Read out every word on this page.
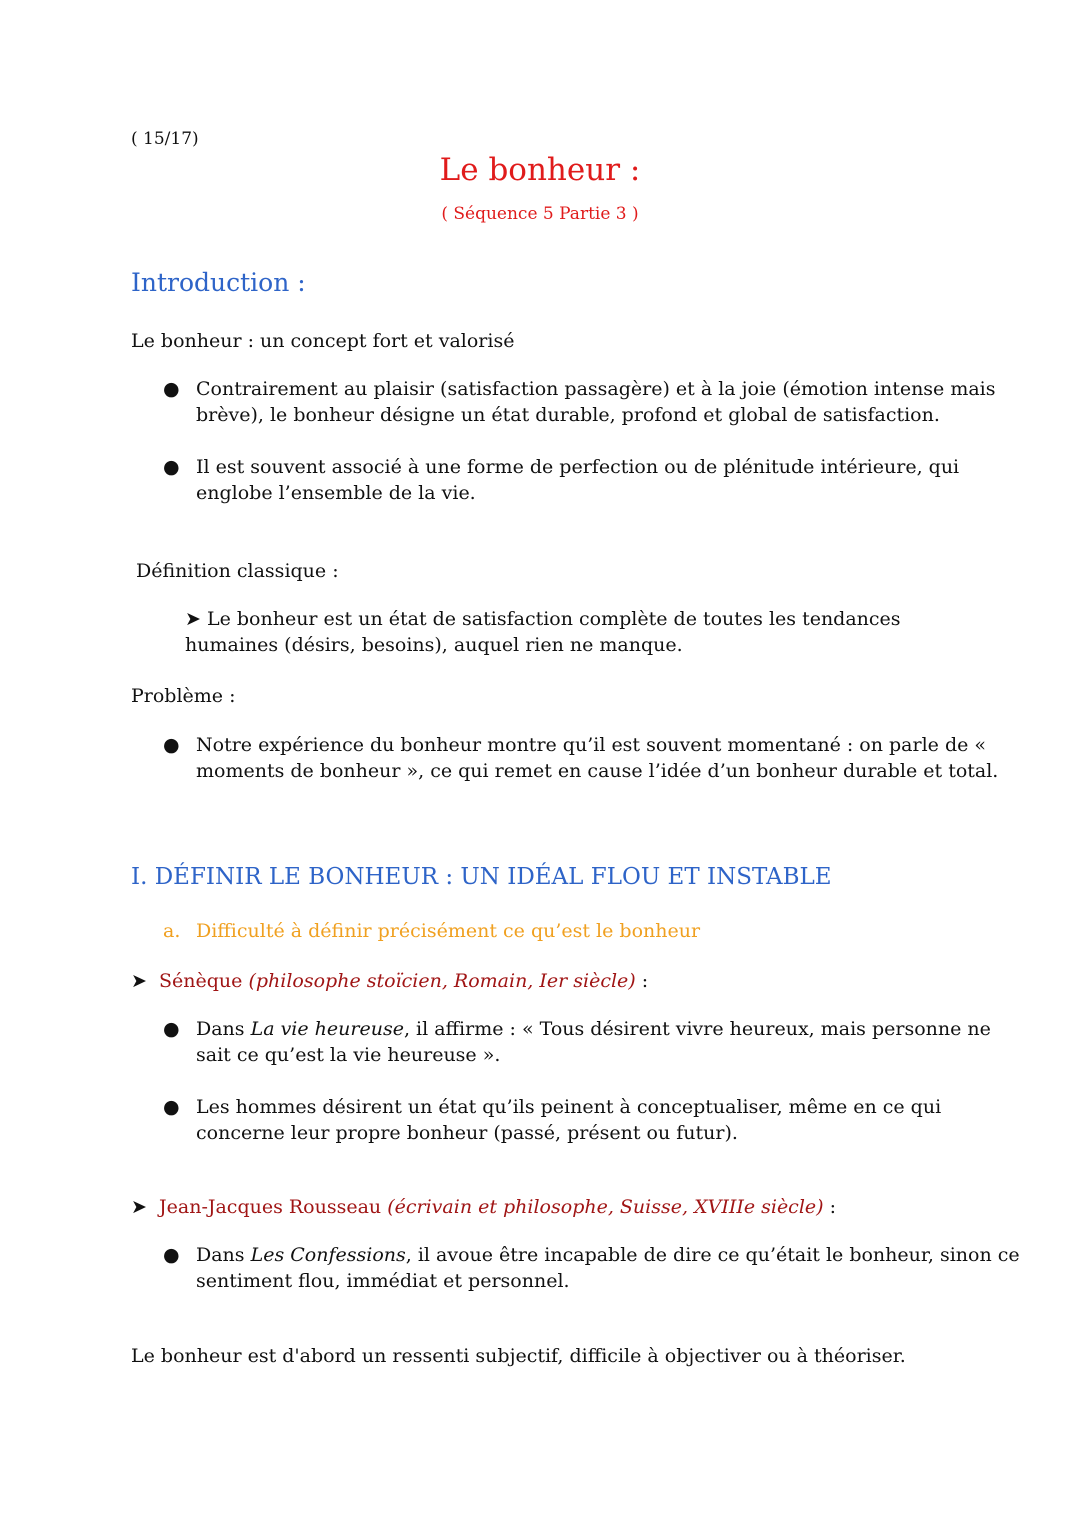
( 15/17)
Le bonheur :
( Séquence 5 Partie 3 )
Introduction :
Le bonheur : un concept fort et valorisé
● Contrairement au plaisir (satisfaction passagère) et à la joie (émotion intense mais
brève), le bonheur désigne un état durable, profond et global de satisfaction.
● Il est souvent associé à une forme de perfection ou de plénitude intérieure, qui
englobe l’ensemble de la vie.
Définition classique :
➤ Le bonheur est un état de satisfaction complète de toutes les tendances
humaines (désirs, besoins), auquel rien ne manque.
Problème :
● Notre expérience du bonheur montre qu’il est souvent momentané : on parle de «
moments de bonheur », ce qui remet en cause l’idée d’un bonheur durable et total.
I. DÉFINIR LE BONHEUR : UN IDÉAL FLOU ET INSTABLE
a. Difficulté à définir précisément ce qu’est le bonheur
➤ Sénèque (philosophe stoïcien, Romain, Ier siècle) :
● Dans La vie heureuse, il affirme : « Tous désirent vivre heureux, mais personne ne
sait ce qu’est la vie heureuse ».
● Les hommes désirent un état qu’ils peinent à conceptualiser, même en ce qui
concerne leur propre bonheur (passé, présent ou futur).
➤ Jean-Jacques Rousseau (écrivain et philosophe, Suisse, XVIIIe siècle) :
● Dans Les Confessions, il avoue être incapable de dire ce qu’était le bonheur, sinon ce
sentiment flou, immédiat et personnel.
Le bonheur est d'abord un ressenti subjectif, difficile à objectiver ou à théoriser.
